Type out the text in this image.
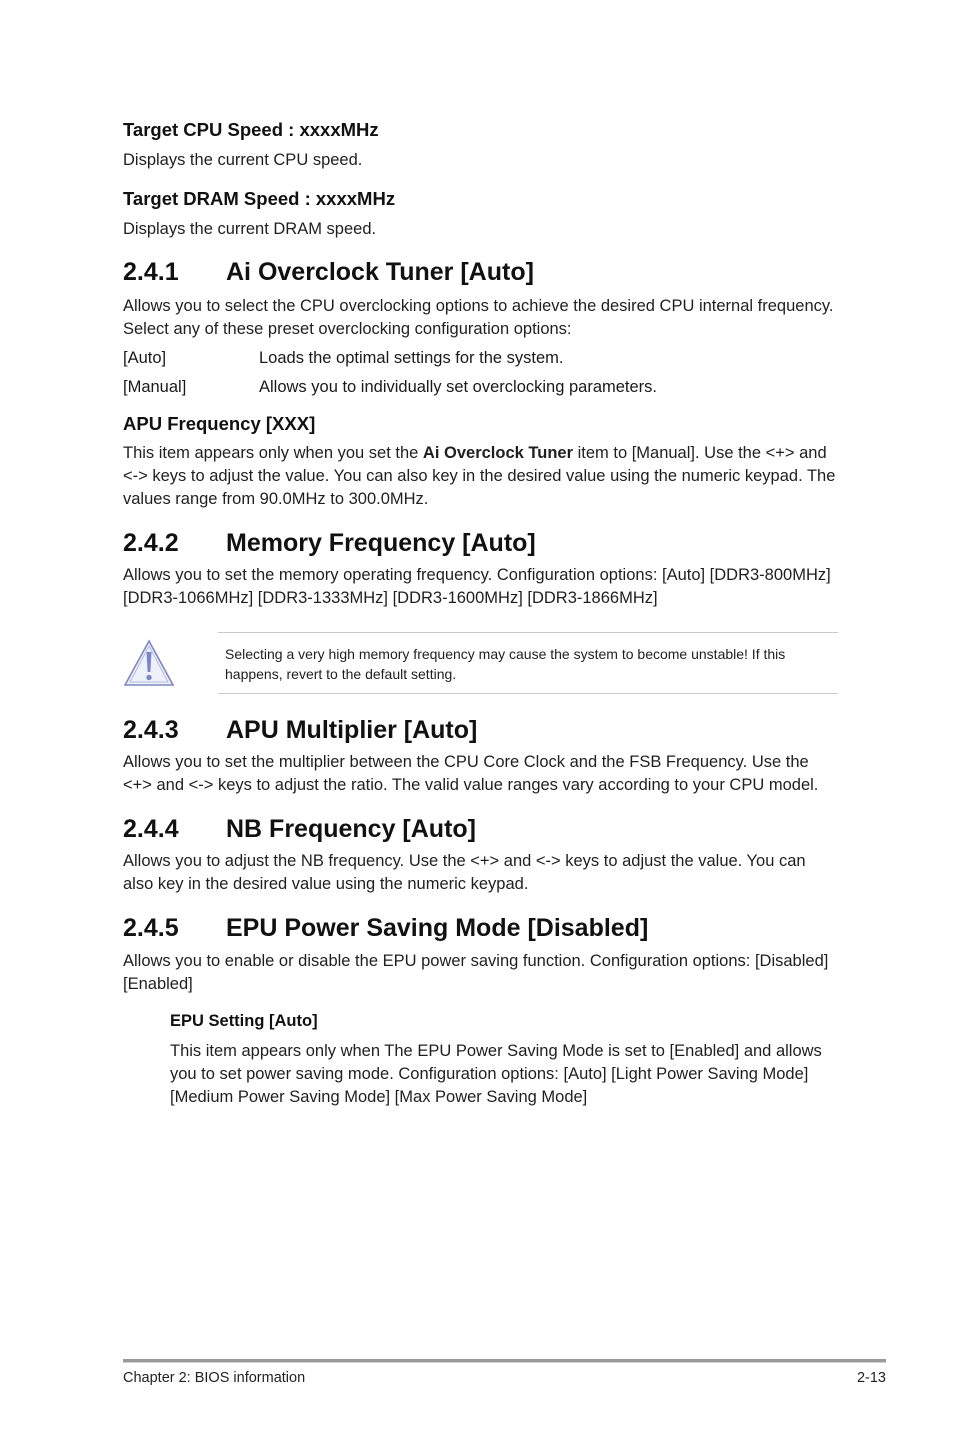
Target CPU Speed : xxxxMHz

Displays the current CPU speed.

Target DRAM Speed : xxxxMHz

Displays the current DRAM speed.

2.4.1	Ai Overclock Tuner [Auto]

Allows you to select the CPU overclocking options to achieve the desired CPU internal frequency. Select any of these preset overclocking configuration options:

[Auto]	Loads the optimal settings for the system.
[Manual]	Allows you to individually set overclocking parameters.
APU Frequency [XXX]

This item appears only when you set the Ai Overclock Tuner item to [Manual]. Use the <+> and <-> keys to adjust the value. You can also key in the desired value using the numeric keypad. The values range from 90.0MHz to 300.0MHz.

2.4.2	Memory Frequency [Auto]

Allows you to set the memory operating frequency. Configuration options: [Auto] [DDR3-800MHz] [DDR3-1066MHz] [DDR3-1333MHz] [DDR3-1600MHz] [DDR3-1866MHz]

Selecting a very high memory frequency may cause the system to become unstable! If this happens, revert to the default setting.
2.4.3	APU Multiplier [Auto]

Allows you to set the multiplier between the CPU Core Clock and the FSB Frequency. Use the <+> and <-> keys to adjust the ratio. The valid value ranges vary according to your CPU model.

2.4.4	NB Frequency [Auto]

Allows you to adjust the NB frequency. Use the <+> and <-> keys to adjust the value. You can also key in the desired value using the numeric keypad.

2.4.5	EPU Power Saving Mode [Disabled]

Allows you to enable or disable the EPU power saving function. Configuration options: [Disabled] [Enabled]

EPU Setting [Auto]

This item appears only when The EPU Power Saving Mode is set to [Enabled] and allows you to set power saving mode. Configuration options: [Auto] [Light Power Saving Mode] [Medium Power Saving Mode] [Max Power Saving Mode]

Chapter 2: BIOS information	2-13
